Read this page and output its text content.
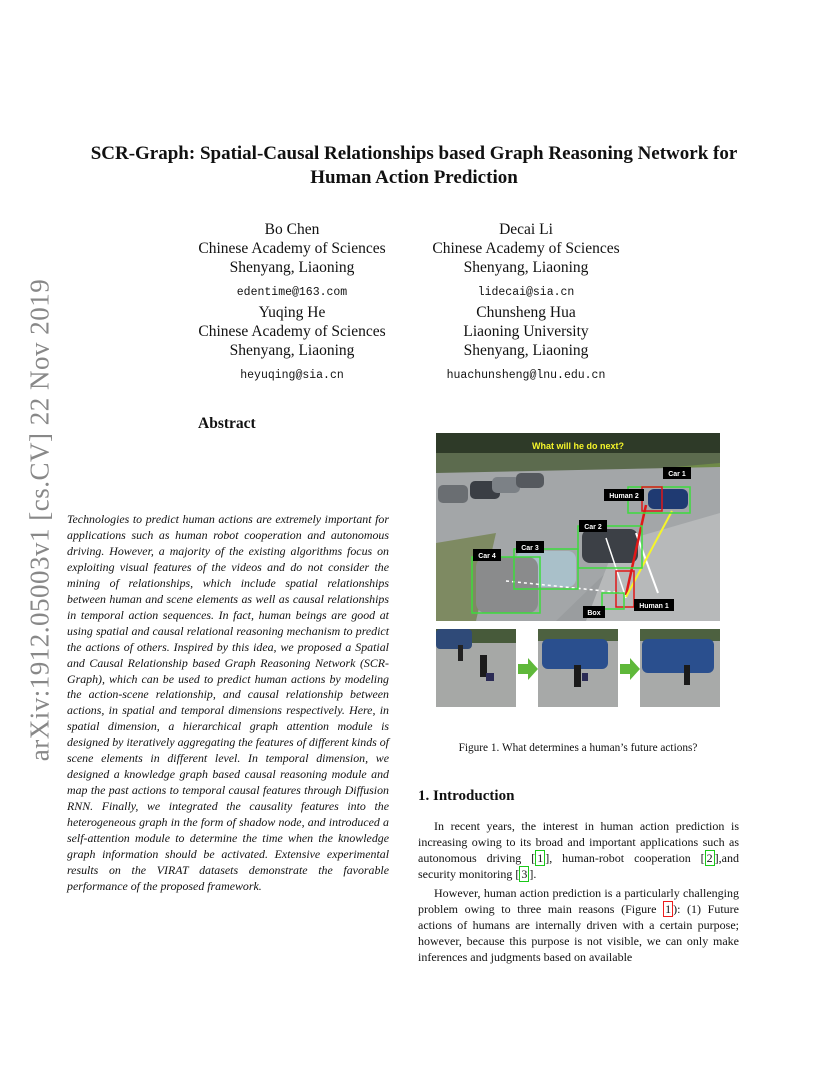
arXiv:1912.05003v1 [cs.CV] 22 Nov 2019
SCR-Graph: Spatial-Causal Relationships based Graph Reasoning Network for
Human Action Prediction
Bo Chen
Chinese Academy of Sciences
Shenyang, Liaoning
edentime@163.com
Decai Li
Chinese Academy of Sciences
Shenyang, Liaoning
lidecai@sia.cn
Yuqing He
Chinese Academy of Sciences
Shenyang, Liaoning
heyuqing@sia.cn
Chunsheng Hua
Liaoning University
Shenyang, Liaoning
huachunsheng@lnu.edu.cn
Abstract
Technologies to predict human actions are extremely important for applications such as human robot cooperation and autonomous driving. However, a majority of the existing algorithms focus on exploiting visual features of the videos and do not consider the mining of relationships, which include spatial relationships between human and scene elements as well as causal relationships in temporal action sequences. In fact, human beings are good at using spatial and causal relational reasoning mechanism to predict the actions of others. Inspired by this idea, we proposed a Spatial and Causal Relationship based Graph Reasoning Network (SCR-Graph), which can be used to predict human actions by modeling the action-scene relationship, and causal relationship between actions, in spatial and temporal dimensions respectively. Here, in spatial dimension, a hierarchical graph attention module is designed by iteratively aggregating the features of different kinds of scene elements in different level. In temporal dimension, we designed a knowledge graph based causal reasoning module and map the past actions to temporal causal features through Diffusion RNN. Finally, we integrated the causality features into the heterogeneous graph in the form of shadow node, and introduced a self-attention module to determine the time when the knowledge graph information should be activated. Extensive experimental results on the VIRAT datasets demonstrate the favorable performance of the proposed framework.
What will he do next?
Car 1
Human 2
Car 2
Car 3
Car 4
Human 1
Box
Figure 1. What determines a human’s future actions?
1. Introduction

In recent years, the interest in human action prediction is increasing owing to its broad and important applications such as autonomous driving [ 1 ], human-robot cooperation [ 2 ],and security monitoring [ 3 ].

However, human action prediction is a particularly challenging problem owing to three main reasons (Figure 1 ): (1) Future actions of humans are internally driven with a certain purpose; however, because this purpose is not visible, we can only make inferences and judgments based on available
